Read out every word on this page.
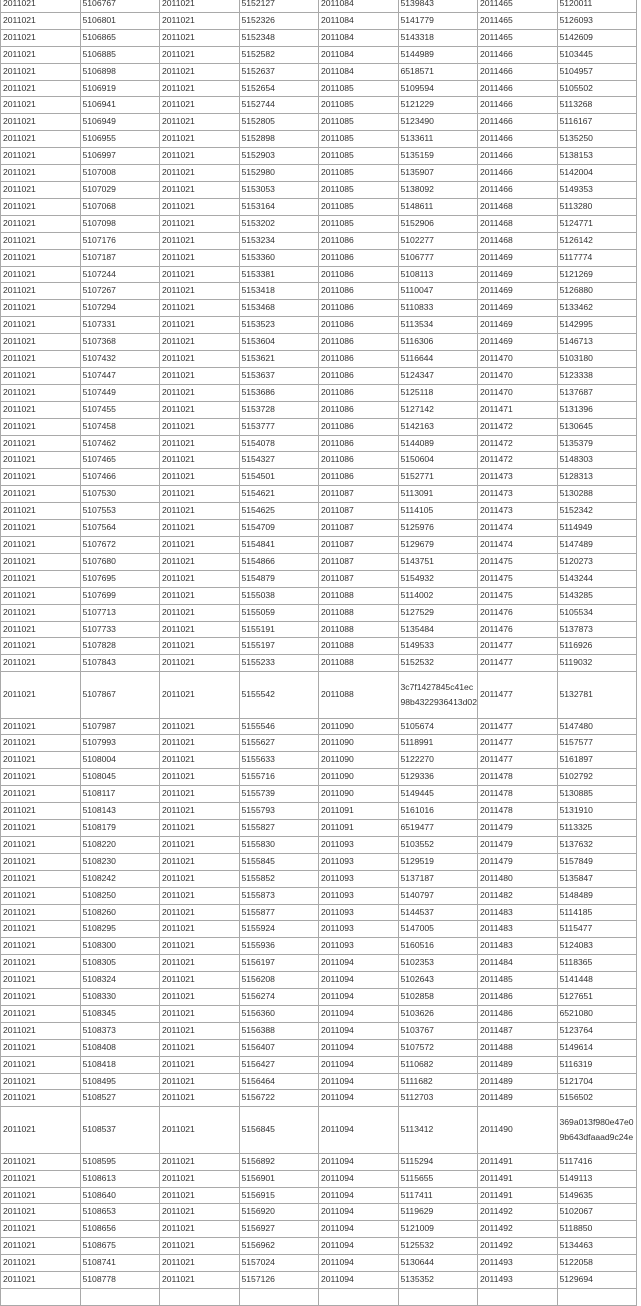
2011021	5106767	2011021	5152127	2011084	5139843	2011465	5120011
2011021	5106801	2011021	5152326	2011084	5141779	2011465	5126093
2011021	5106865	2011021	5152348	2011084	5143318	2011465	5142609
2011021	5106885	2011021	5152582	2011084	5144989	2011466	5103445
2011021	5106898	2011021	5152637	2011084	6518571	2011466	5104957
2011021	5106919	2011021	5152654	2011085	5109594	2011466	5105502
2011021	5106941	2011021	5152744	2011085	5121229	2011466	5113268
2011021	5106949	2011021	5152805	2011085	5123490	2011466	5116167
2011021	5106955	2011021	5152898	2011085	5133611	2011466	5135250
2011021	5106997	2011021	5152903	2011085	5135159	2011466	5138153
2011021	5107008	2011021	5152980	2011085	5135907	2011466	5142004
2011021	5107029	2011021	5153053	2011085	5138092	2011466	5149353
2011021	5107068	2011021	5153164	2011085	5148611	2011468	5113280
2011021	5107098	2011021	5153202	2011085	5152906	2011468	5124771
2011021	5107176	2011021	5153234	2011086	5102277	2011468	5126142
2011021	5107187	2011021	5153360	2011086	5106777	2011469	5117774
2011021	5107244	2011021	5153381	2011086	5108113	2011469	5121269
2011021	5107267	2011021	5153418	2011086	5110047	2011469	5126880
2011021	5107294	2011021	5153468	2011086	5110833	2011469	5133462
2011021	5107331	2011021	5153523	2011086	5113534	2011469	5142995
2011021	5107368	2011021	5153604	2011086	5116306	2011469	5146713
2011021	5107432	2011021	5153621	2011086	5116644	2011470	5103180
2011021	5107447	2011021	5153637	2011086	5124347	2011470	5123338
2011021	5107449	2011021	5153686	2011086	5125118	2011470	5137687
2011021	5107455	2011021	5153728	2011086	5127142	2011471	5131396
2011021	5107458	2011021	5153777	2011086	5142163	2011472	5130645
2011021	5107462	2011021	5154078	2011086	5144089	2011472	5135379
2011021	5107465	2011021	5154327	2011086	5150604	2011472	5148303
2011021	5107466	2011021	5154501	2011086	5152771	2011473	5128313
2011021	5107530	2011021	5154621	2011087	5113091	2011473	5130288
2011021	5107553	2011021	5154625	2011087	5114105	2011473	5152342
2011021	5107564	2011021	5154709	2011087	5125976	2011474	5114949
2011021	5107672	2011021	5154841	2011087	5129679	2011474	5147489
2011021	5107680	2011021	5154866	2011087	5143751	2011475	5120273
2011021	5107695	2011021	5154879	2011087	5154932	2011475	5143244
2011021	5107699	2011021	5155038	2011088	5114002	2011475	5143285
2011021	5107713	2011021	5155059	2011088	5127529	2011476	5105534
2011021	5107733	2011021	5155191	2011088	5135484	2011476	5137873
2011021	5107828	2011021	5155197	2011088	5149533	2011477	5116926
2011021	5107843	2011021	5155233	2011088	5152532	2011477	5119032
2011021	5107867	2011021	5155542	2011088	3c7f1427845c41ec98b4322936413d02	2011477	5132781
2011021	5107987	2011021	5155546	2011090	5105674	2011477	5147480
2011021	5107993	2011021	5155627	2011090	5118991	2011477	5157577
2011021	5108004	2011021	5155633	2011090	5122270	2011477	5161897
2011021	5108045	2011021	5155716	2011090	5129336	2011478	5102792
2011021	5108117	2011021	5155739	2011090	5149445	2011478	5130885
2011021	5108143	2011021	5155793	2011091	5161016	2011478	5131910
2011021	5108179	2011021	5155827	2011091	6519477	2011479	5113325
2011021	5108220	2011021	5155830	2011093	5103552	2011479	5137632
2011021	5108230	2011021	5155845	2011093	5129519	2011479	5157849
2011021	5108242	2011021	5155852	2011093	5137187	2011480	5135847
2011021	5108250	2011021	5155873	2011093	5140797	2011482	5148489
2011021	5108260	2011021	5155877	2011093	5144537	2011483	5114185
2011021	5108295	2011021	5155924	2011093	5147005	2011483	5115477
2011021	5108300	2011021	5155936	2011093	5160516	2011483	5124083
2011021	5108305	2011021	5156197	2011094	5102353	2011484	5118365
2011021	5108324	2011021	5156208	2011094	5102643	2011485	5141448
2011021	5108330	2011021	5156274	2011094	5102858	2011486	5127651
2011021	5108345	2011021	5156360	2011094	5103626	2011486	6521080
2011021	5108373	2011021	5156388	2011094	5103767	2011487	5123764
2011021	5108408	2011021	5156407	2011094	5107572	2011488	5149614
2011021	5108418	2011021	5156427	2011094	5110682	2011489	5116319
2011021	5108495	2011021	5156464	2011094	5111682	2011489	5121704
2011021	5108527	2011021	5156722	2011094	5112703	2011489	5156502
2011021	5108537	2011021	5156845	2011094	5113412	2011490	369a013f980e47e09b643dfaaad9c24e
2011021	5108595	2011021	5156892	2011094	5115294	2011491	5117416
2011021	5108613	2011021	5156901	2011094	5115655	2011491	5149113
2011021	5108640	2011021	5156915	2011094	5117411	2011491	5149635
2011021	5108653	2011021	5156920	2011094	5119629	2011492	5102067
2011021	5108656	2011021	5156927	2011094	5121009	2011492	5118850
2011021	5108675	2011021	5156962	2011094	5125532	2011492	5134463
2011021	5108741	2011021	5157024	2011094	5130644	2011493	5122058
2011021	5108778	2011021	5157126	2011094	5135352	2011493	5129694
